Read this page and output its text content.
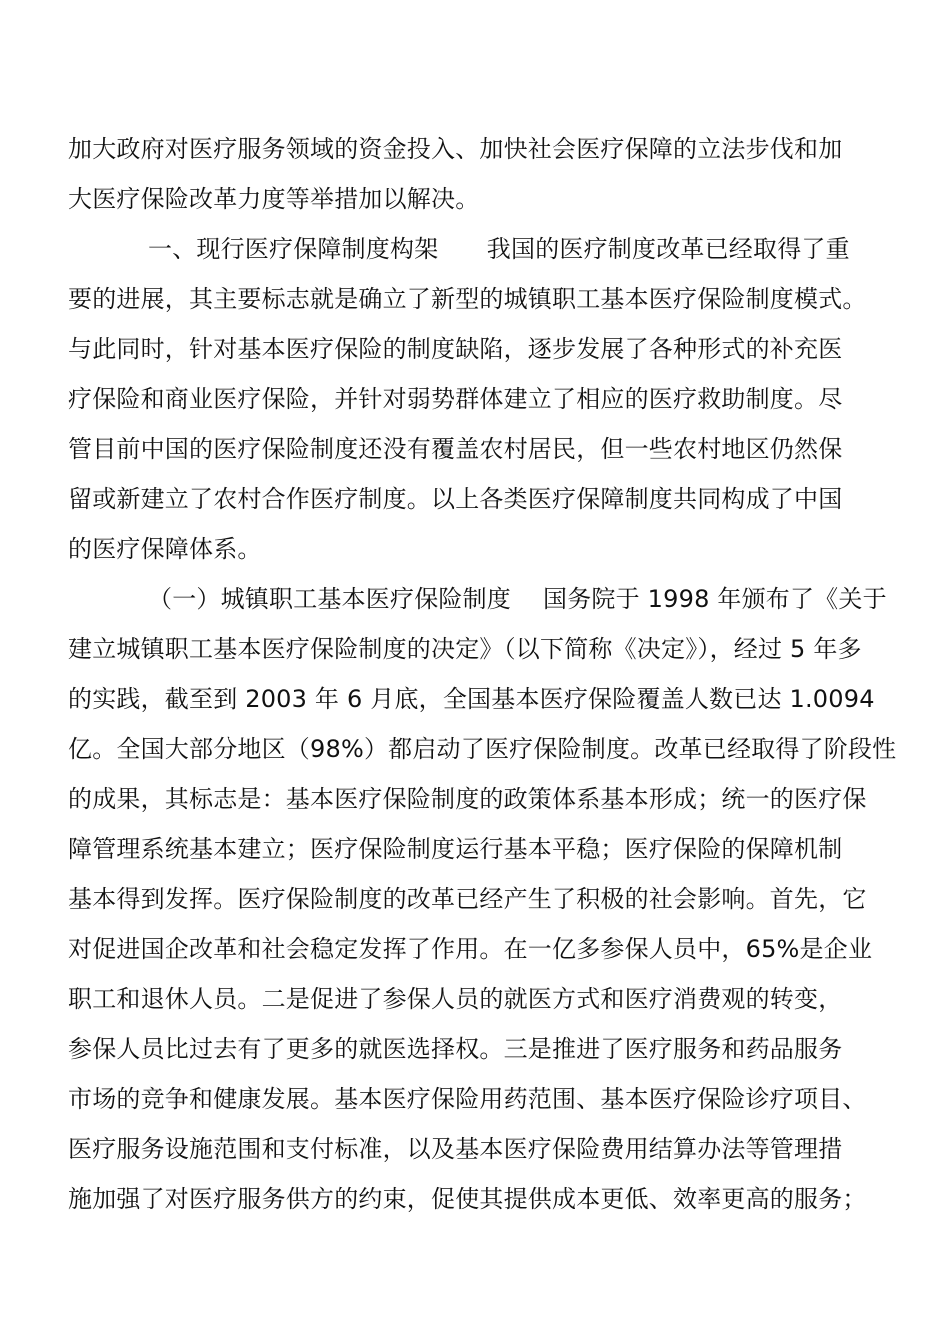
加大政府对医疗服务领域的资金投入、加快社会医疗保障的立法步伐和加
大医疗保险改革力度等举措加以解决。
一、现行医疗保障制度构架　　我国的医疗制度改革已经取得了重
要的进展，其主要标志就是确立了新型的城镇职工基本医疗保险制度模式。
与此同时，针对基本医疗保险的制度缺陷，逐步发展了各种形式的补充医
疗保险和商业医疗保险，并针对弱势群体建立了相应的医疗救助制度。尽
管目前中国的医疗保险制度还没有覆盖农村居民，但一些农村地区仍然保
留或新建立了农村合作医疗制度。以上各类医疗保障制度共同构成了中国
的医疗保障体系。
（一）城镇职工基本医疗保险制度　 国务院于 1998 年颁布了《关于
建立城镇职工基本医疗保险制度的决定》（以下简称《决定》），经过 5 年多
的实践，截至到 2003 年 6 月底，全国基本医疗保险覆盖人数已达 1.0094
亿。全国大部分地区（98%）都启动了医疗保险制度。改革已经取得了阶段性
的成果，其标志是：基本医疗保险制度的政策体系基本形成；统一的医疗保
障管理系统基本建立；医疗保险制度运行基本平稳；医疗保险的保障机制
基本得到发挥。医疗保险制度的改革已经产生了积极的社会影响。首先，它
对促进国企改革和社会稳定发挥了作用。在一亿多参保人员中，65%是企业
职工和退休人员。二是促进了参保人员的就医方式和医疗消费观的转变，
参保人员比过去有了更多的就医选择权。三是推进了医疗服务和药品服务
市场的竞争和健康发展。基本医疗保险用药范围、基本医疗保险诊疗项目、
医疗服务设施范围和支付标准，以及基本医疗保险费用结算办法等管理措
施加强了对医疗服务供方的约束，促使其提供成本更低、效率更高的服务；
